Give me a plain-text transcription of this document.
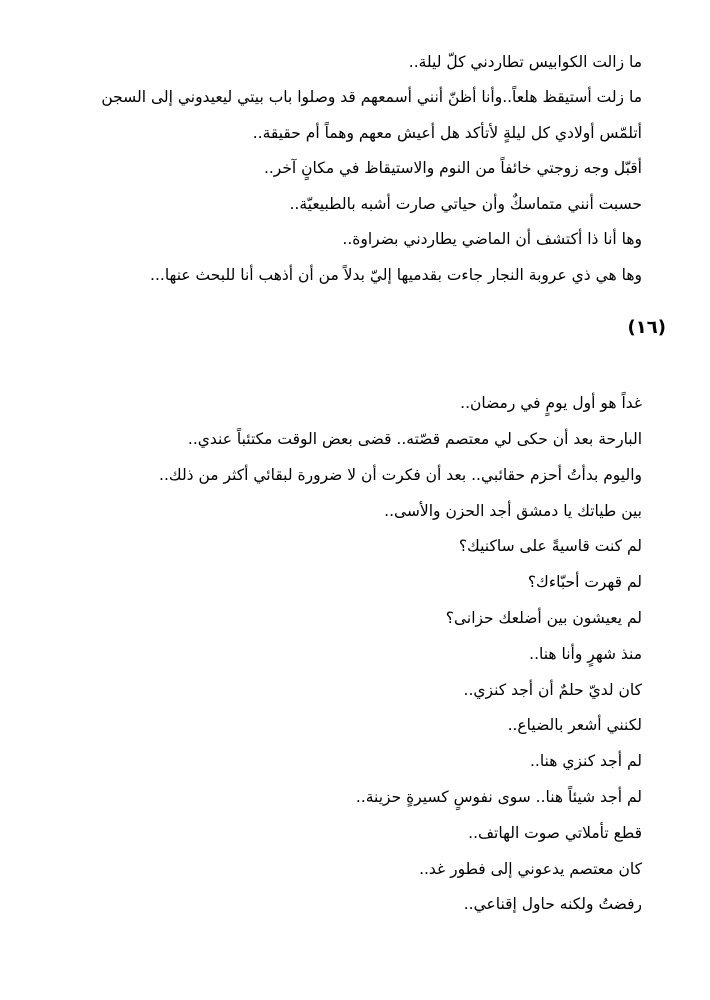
ما زالت الكوابيس تطاردني كلّ ليلة..
ما زلت أستيقظ هلعاً..وأنا أظنّ أنني أسمعهم قد وصلوا باب بيتي ليعيدوني إلى السجن
أتلمّس أولادي كل ليلةٍ لأتأكد هل أعيش معهم وهماً أم حقيقة..
أقبّل وجه زوجتي خائفاً من النوم والاستيقاظ في مكانٍ آخر..
حسبت أنني متماسكٌ وأن حياتي صارت أشبه بالطبيعيّة..
وها أنا ذا أكتشف أن الماضي يطاردني بضراوة..
وها هي ذي عروبة النجار جاءت بقدميها إليّ بدلاً من أن أذهب أنا للبحث عنها...
(١٦)
غداً هو أول يومٍ في رمضان..
البارحة بعد أن حكى لي معتصم قصّته.. قضى بعض الوقت مكتئباً عندي..
واليوم بدأتُ أحزم حقائبي.. بعد أن فكرت أن لا ضرورة لبقائي أكثر من ذلك..
بين طياتك يا دمشق أجد الحزن والأسى..
لم كنت قاسيةً على ساكنيك؟
لم قهرت أحبّاءك؟
لم يعيشون بين أضلعك حزانى؟
منذ شهرٍ وأنا هنا..
كان لديّ حلمٌ أن أجد كنزي..
لكنني أشعر بالضياع..
لم أجد كنزي هنا..
لم أجد شيئاً هنا.. سوى نفوسٍ كسيرةٍ حزينة..
قطع تأملاتي صوت الهاتف..
كان معتصم يدعوني إلى فطور غد..
رفضتُ ولكنه حاول إقناعي..
